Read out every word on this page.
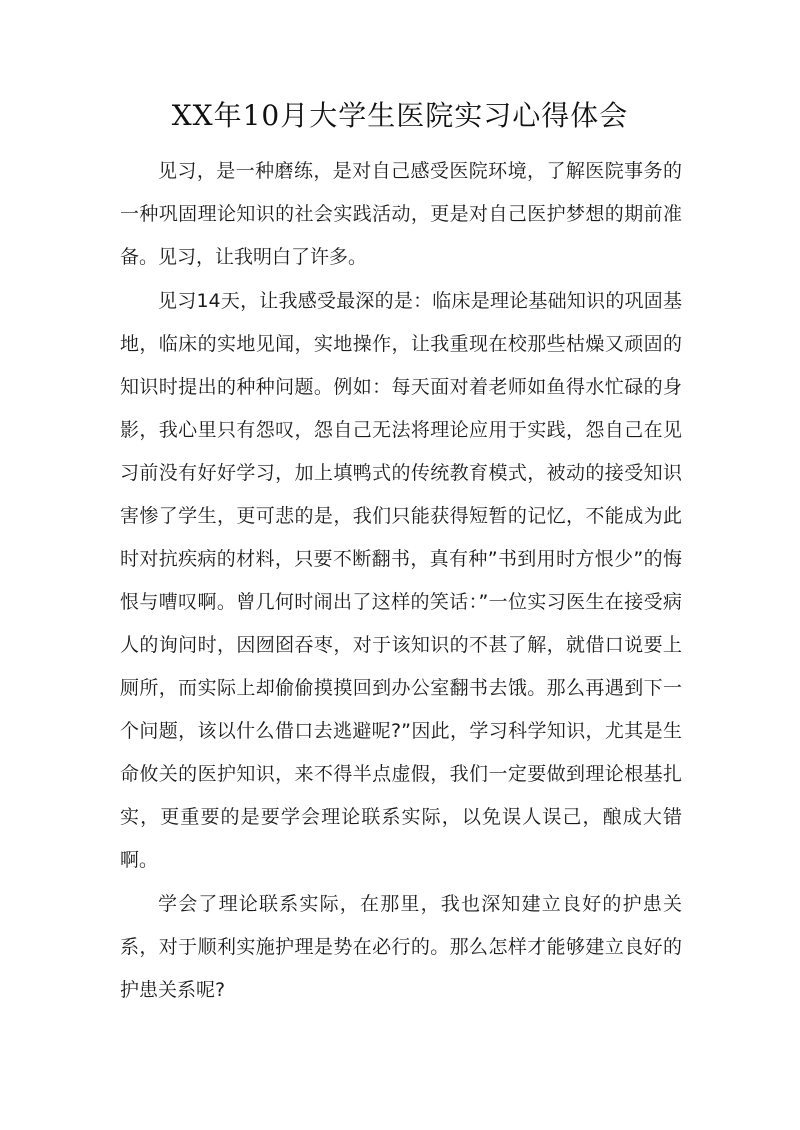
XX年10月大学生医院实习心得体会

见习，是一种磨练，是对自己感受医院环境，了解医院事务的一种巩固理论知识的社会实践活动，更是对自己医护梦想的期前准备。见习，让我明白了许多。

见习14天，让我感受最深的是：临床是理论基础知识的巩固基地，临床的实地见闻，实地操作，让我重现在校那些枯燥又顽固的知识时提出的种种问题。例如：每天面对着老师如鱼得水忙碌的身影，我心里只有怨叹，怨自己无法将理论应用于实践，怨自己在见习前没有好好学习，加上填鸭式的传统教育模式，被动的接受知识害惨了学生，更可悲的是，我们只能获得短暂的记忆，不能成为此时对抗疾病的材料，只要不断翻书，真有种”书到用时方恨少”的悔恨与嘈叹啊。曾几何时闹出了这样的笑话：”一位实习医生在接受病人的询问时，因囫囵吞枣，对于该知识的不甚了解，就借口说要上厕所，而实际上却偷偷摸摸回到办公室翻书去饿。那么再遇到下一个问题，该以什么借口去逃避呢?”因此，学习科学知识，尤其是生命攸关的医护知识，来不得半点虚假，我们一定要做到理论根基扎实，更重要的是要学会理论联系实际，以免误人误己，酿成大错啊。

学会了理论联系实际，在那里，我也深知建立良好的护患关系，对于顺利实施护理是势在必行的。那么怎样才能够建立良好的护患关系呢?
